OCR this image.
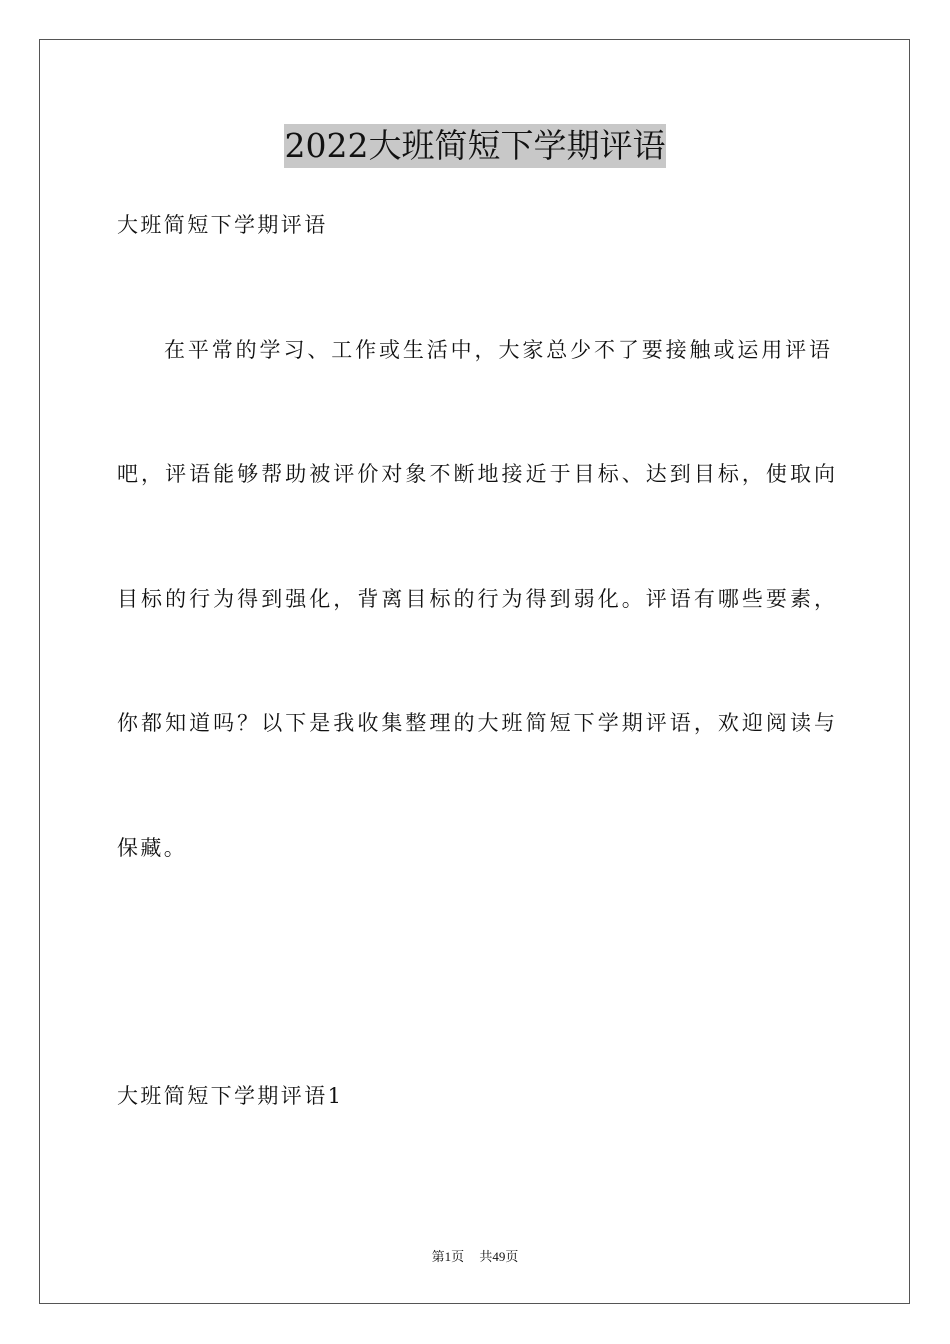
2022大班简短下学期评语
大班简短下学期评语
在平常的学习、工作或生活中，大家总少不了要接触或运用评语
吧，评语能够帮助被评价对象不断地接近于目标、达到目标，使取向
目标的行为得到强化，背离目标的行为得到弱化。评语有哪些要素，
你都知道吗？以下是我收集整理的大班简短下学期评语，欢迎阅读与
保藏。
大班简短下学期评语1
第1页 共49页
